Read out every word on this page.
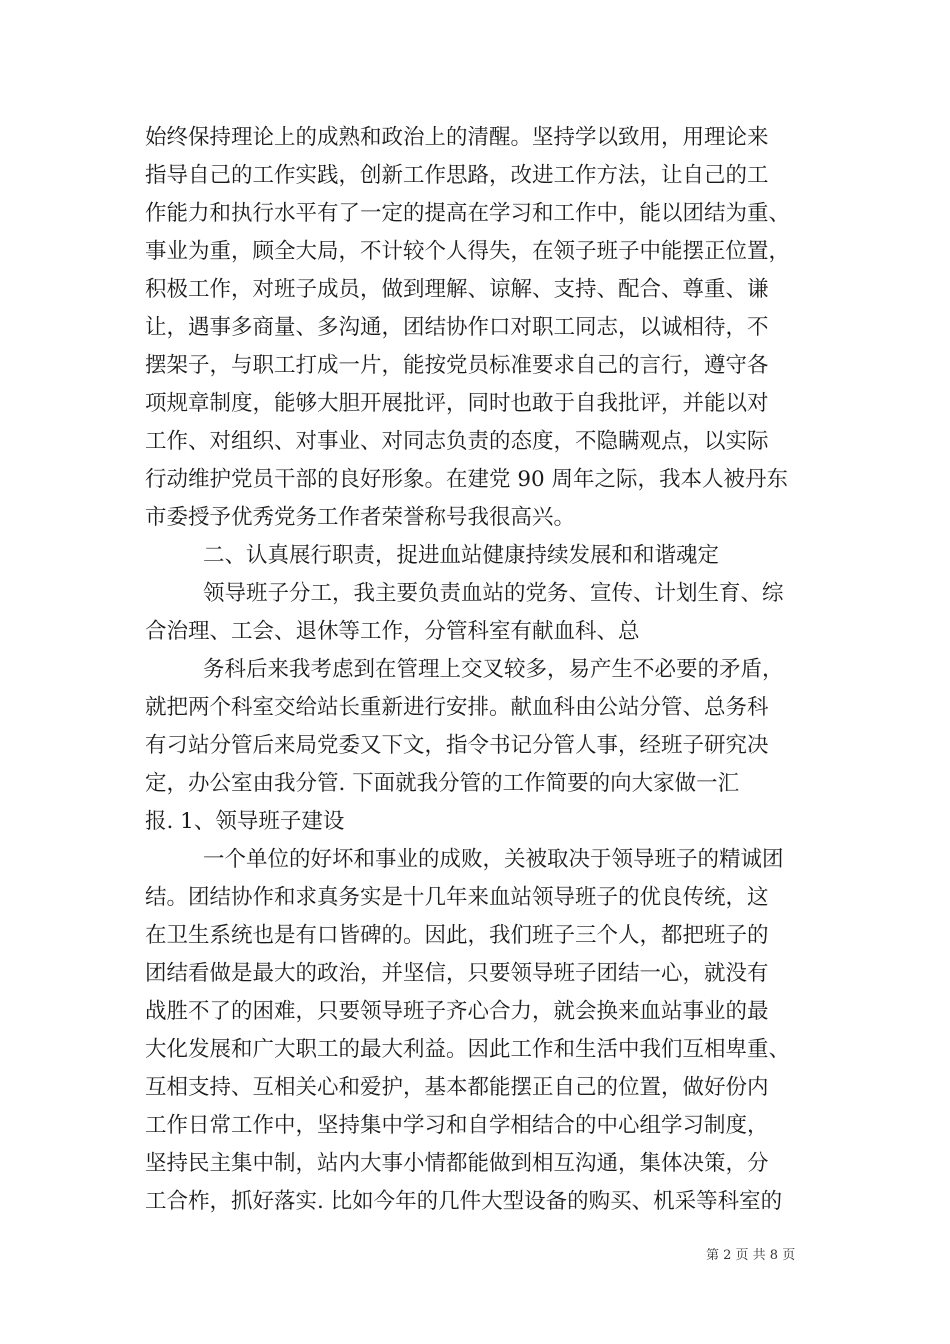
始终保持理论上的成熟和政治上的清醒。坚持学以致用，用理论来
指导自己的工作实践，创新工作思路，改进工作方法，让自己的工
作能力和执行水平有了一定的提高在学习和工作中，能以团结为重、
事业为重，顾全大局，不计较个人得失，在领子班子中能摆正位置，
积极工作，对班子成员，做到理解、谅解、支持、配合、尊重、谦
让，遇事多商量、多沟通，团结协作口对职工同志，以诚相待，不
摆架子，与职工打成一片，能按党员标准要求自己的言行，遵守各
项规章制度，能够大胆开展批评，同时也敢于自我批评，并能以对
工作、对组织、对事业、对同志负责的态度，不隐瞒观点，以实际
行动维护党员干部的良好形象。在建党 90 周年之际，我本人被丹东
市委授予优秀党务工作者荣誉称号我很高兴。
二、认真展行职责，捉进血站健康持续发展和和谐魂定
领导班子分工，我主要负责血站的党务、宣传、计划生育、综
合治理、工会、退休等工作，分管科室有献血科、总
务科后来我考虑到在管理上交叉较多，易产生不必要的矛盾，
就把两个科室交给站长重新进行安排。献血科由公站分管、总务科
有刁站分管后来局党委又下文，指令书记分管人事，经班子研究决
定，办公室由我分管. 下面就我分管的工作简要的向大家做一汇
报. 1、领导班子建设
一个单位的好坏和事业的成败，关被取决于领导班子的精诚团
结。团结协作和求真务实是十几年来血站领导班子的优良传统，这
在卫生系统也是有口皆碑的。因此，我们班子三个人，都把班子的
团结看做是最大的政治，并坚信，只要领导班子团结一心，就没有
战胜不了的困难，只要领导班子齐心合力，就会换来血站事业的最
大化发展和广大职工的最大利益。因此工作和生活中我们互相卑重、
互相支持、互相关心和爱护，基本都能摆正自己的位置，做好份内
工作日常工作中，坚持集中学习和自学相结合的中心组学习制度，
坚持民主集中制，站内大事小情都能做到相互沟通，集体决策，分
工合柞，抓好落实. 比如今年的几件大型设备的购买、机采等科室的
第 2 页 共 8 页
